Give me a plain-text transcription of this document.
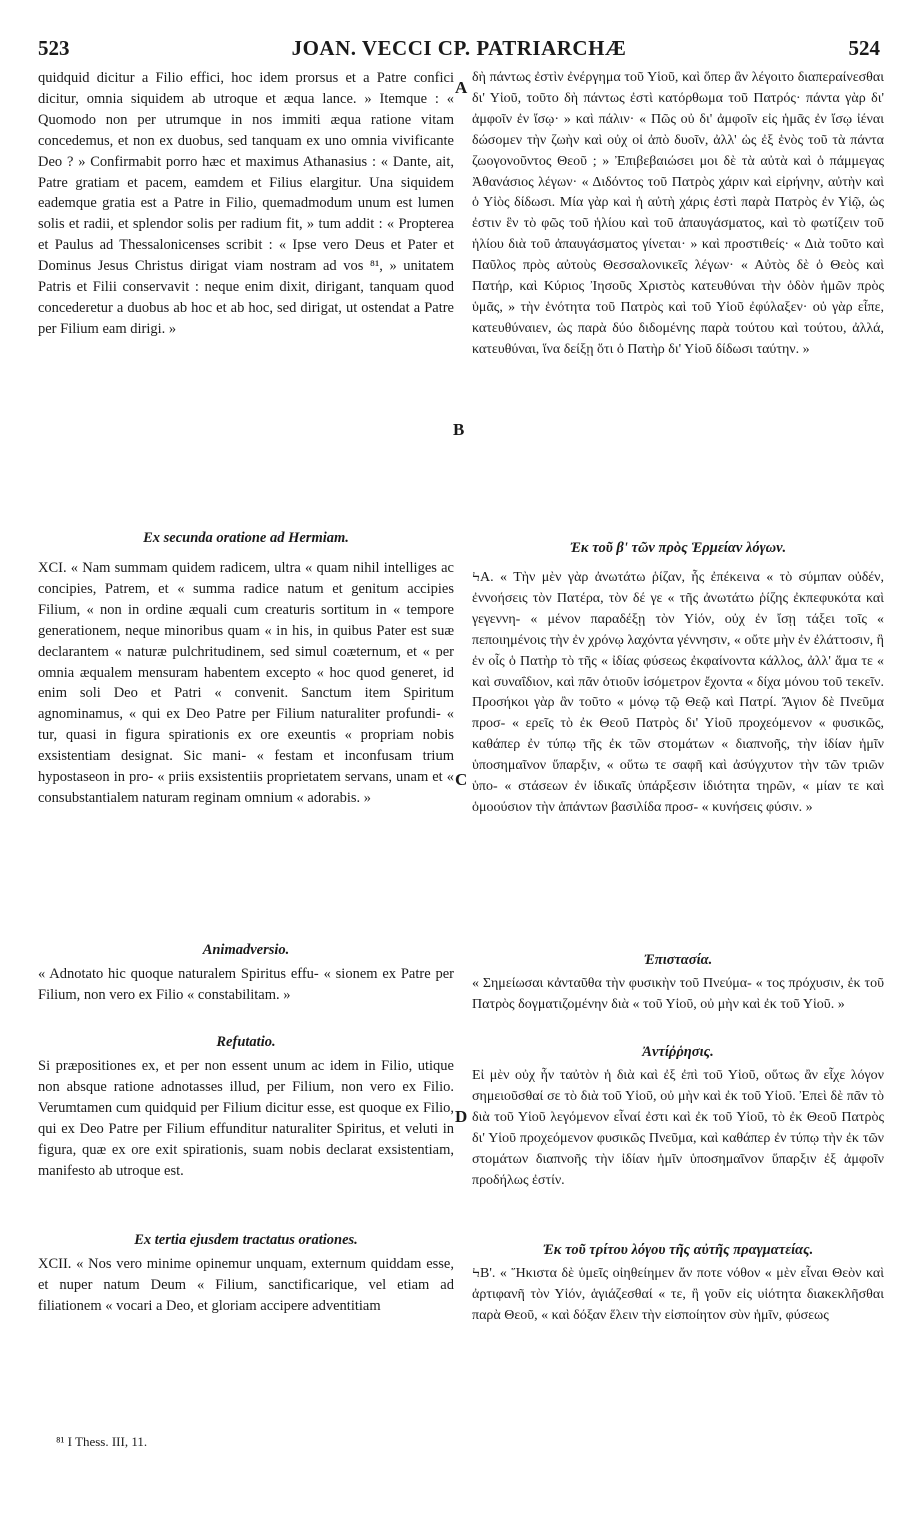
523	JOAN. VECCI CP. PATRIARCHÆ	524

quidquid dicitur a Filio effici, hoc idem prorsus et a Patre confici dicitur, omnia siquidem ab utroque et æqua lance. » Itemque : « Quomodo non per utrumque in nos immiti æqua ratione vitam concedemus, et non ex duobus, sed tanquam ex uno omnia vivificante Deo ? » Confirmabit porro hæc et maximus Athanasius : « Dante, ait, Patre gratiam et pacem, eamdem et Filius elargitur. Una siquidem eademque gratia est a Patre in Filio, quemadmodum unum est lumen solis et radii, et splendor solis per radium fit, » tum addit : « Propterea et Paulus ad Thessalonicenses scribit : « Ipse vero Deus et Pater et Dominus Jesus Christus dirigat viam nostram ad vos ⁸¹, » unitatem Patris et Filii conservavit : neque enim dixit, dirigant, tanquam quod concederetur a duobus ab hoc et ab hoc, sed dirigat, ut ostendat a Patre per Filium eam dirigi. »

Ex secunda oratione ad Hermiam.

XCI. « Nam summam quidem radicem, ultra « quam nihil intelliges ac concipies, Patrem, et « summa radice natum et genitum accipies Filium, « non in ordine æquali cum creaturis sortitum in « tempore generationem, neque minoribus quam « in his, in quibus Pater est suæ declarantem « naturæ pulchritudinem, sed simul coæternum, et « per omnia æqualem mensuram habentem excepto « hoc quod generet, id enim soli Deo et Patri « convenit. Sanctum item Spiritum agnominamus, « qui ex Deo Patre per Filium naturaliter profundi- « tur, quasi in figura spirationis ex ore exeuntis « propriam nobis exsistentiam designat. Sic mani- « festam et inconfusam trium hypostaseon in pro- « priis exsistentiis proprietatem servans, unam et « consubstantialem naturam reginam omnium « adorabis. »

Animadversio.

« Adnotato hic quoque naturalem Spiritus effu- « sionem ex Patre per Filium, non vero ex Filio « constabilitam. »

Refutatio.

Si præpositiones ex, et per non essent unum ac idem in Filio, utique non absque ratione adnotasses illud, per Filium, non vero ex Filio. Verumtamen cum quidquid per Filium dicitur esse, est quoque ex Filio, qui ex Deo Patre per Filium effunditur naturaliter Spiritus, et veluti in figura, quæ ex ore exit spirationis, suam nobis declarat exsistentiam, manifesto ab utroque est.

Ex tertia ejusdem tractatus orationes.

XCII. « Nos vero minime opinemur unquam, externum quiddam esse, et nuper natum Deum « Filium, sanctificarique, vel etiam ad filiationem « vocari a Deo, et gloriam accipere adventitiam

δὴ πάντως ἐστὶν ἐνέργημα τοῦ Υἱοῦ, καὶ ὅπερ ἂν λέγοιτο διαπεραίνεσθαι δι' Υἱοῦ, τοῦτο δὴ πάντως ἐστὶ κατόρθωμα τοῦ Πατρός· πάντα γὰρ δι' ἀμφοῖν ἐν ἴσῳ· » καὶ πάλιν· « Πῶς οὐ δι' ἀμφοῖν εἰς ἡμᾶς ἐν ἴσῳ ἰέναι δώσομεν τὴν ζωὴν καὶ οὐχ οἱ ἀπὸ δυοῖν, ἀλλ' ὡς ἐξ ἑνὸς τοῦ τὰ πάντα ζωογονοῦντος Θεοῦ ; » Ἐπιβεβαιώσει μοι δὲ τὰ αὐτὰ καὶ ὁ πάμμεγας Ἀθανάσιος λέγων· « Διδόντος τοῦ Πατρὸς χάριν καὶ εἰρήνην, αὐτὴν καὶ ὁ Υἱὸς δίδωσι. Μία γὰρ καὶ ἡ αὐτὴ χάρις ἐστὶ παρὰ Πατρὸς ἐν Υἱῷ, ὡς ἐστιν ἓν τὸ φῶς τοῦ ἡλίου καὶ τοῦ ἀπαυγάσματος, καὶ τὸ φωτίζειν τοῦ ἡλίου διὰ τοῦ ἀπαυγάσματος γίνεται· » καὶ προστιθείς· « Διὰ τοῦτο καὶ Παῦλος πρὸς αὐτοὺς Θεσσαλονικεῖς λέγων· « Αὐτὸς δὲ ὁ Θεὸς καὶ Πατήρ, καὶ Κύριος Ἰησοῦς Χριστὸς κατευθύναι τὴν ὁδὸν ἡμῶν πρὸς ὑμᾶς, » τὴν ἑνότητα τοῦ Πατρὸς καὶ τοῦ Υἱοῦ ἐφύλαξεν· οὐ γὰρ εἶπε, κατευθύναιεν, ὡς παρὰ δύο διδομένης παρὰ τούτου καὶ τούτου, ἀλλά, κατευθύναι, ἵνα δείξῃ ὅτι ὁ Πατὴρ δι' Υἱοῦ δίδωσι ταύτην. »

Ἐκ τοῦ β' τῶν πρὸς Ἑρμείαν λόγων.

ϞΑ. « Τὴν μὲν γὰρ ἀνωτάτω ῥίζαν, ἧς ἐπέκεινα « τὸ σύμπαν οὐδέν, ἐννοήσεις τὸν Πατέρα, τὸν δέ γε « τῆς ἀνωτάτω ῥίζης ἐκπεφυκότα καὶ γεγεννη- « μένον παραδέξῃ τὸν Υἱόν, οὐχ ἐν ἴσῃ τάξει τοῖς « πεποιημένοις τὴν ἐν χρόνῳ λαχόντα γέννησιν, « οὔτε μὴν ἐν ἐλάττοσιν, ἢ ἐν οἷς ὁ Πατὴρ τὸ τῆς « ἰδίας φύσεως ἐκφαίνοντα κάλλος, ἀλλ' ἅμα τε « καὶ συναΐδιον, καὶ πᾶν ὁτιοῦν ἰσόμετρον ἔχοντα « δίχα μόνου τοῦ τεκεῖν. Προσήκοι γὰρ ἂν τοῦτο « μόνῳ τῷ Θεῷ καὶ Πατρί. Ἅγιον δὲ Πνεῦμα προσ- « ερεῖς τὸ ἐκ Θεοῦ Πατρὸς δι' Υἱοῦ προχεόμενον « φυσικῶς, καθάπερ ἐν τύπῳ τῆς ἐκ τῶν στομάτων « διαπνοῆς, τὴν ἰδίαν ἡμῖν ὑποσημαῖνον ὕπαρξιν, « οὕτω τε σαφῆ καὶ ἀσύγχυτον τὴν τῶν τριῶν ὑπο- « στάσεων ἐν ἰδικαῖς ὑπάρξεσιν ἰδιότητα τηρῶν, « μίαν τε καὶ ὁμοούσιον τὴν ἁπάντων βασιλίδα προσ- « κυνήσεις φύσιν. »

Ἐπιστασία.

« Σημείωσαι κἀνταῦθα τὴν φυσικὴν τοῦ Πνεύμα- « τος πρόχυσιν, ἐκ τοῦ Πατρὸς δογματιζομένην διὰ « τοῦ Υἱοῦ, οὐ μὴν καὶ ἐκ τοῦ Υἱοῦ. »

Ἀντίῤῥησις.

Εἰ μὲν οὐχ ἦν ταὐτὸν ἡ διὰ καὶ ἐξ ἐπὶ τοῦ Υἱοῦ, οὕτως ἂν εἶχε λόγον σημειοῦσθαί σε τὸ διὰ τοῦ Υἱοῦ, οὐ μὴν καὶ ἐκ τοῦ Υἱοῦ. Ἐπεὶ δὲ πᾶν τὸ διὰ τοῦ Υἱοῦ λεγόμενον εἶναί ἐστι καὶ ἐκ τοῦ Υἱοῦ, τὸ ἐκ Θεοῦ Πατρὸς δι' Υἱοῦ προχεόμενον φυσικῶς Πνεῦμα, καὶ καθάπερ ἐν τύπῳ τὴν ἐκ τῶν στομάτων διαπνοῆς τὴν ἰδίαν ἡμῖν ὑποσημαῖνον ὕπαρξιν ἐξ ἀμφοῖν προδήλως ἐστίν.

Ἐκ τοῦ τρίτου λόγου τῆς αὐτῆς πραγματείας.

ϞΒ'. « Ἥκιστα δὲ ὑμεῖς οἰηθείημεν ἄν ποτε νόθον « μὲν εἶναι Θεὸν καὶ ἀρτιφανῆ τὸν Υἱόν, ἁγιάζεσθαί « τε, ἢ γοῦν εἰς υἱότητα διακεκλῆσθαι παρὰ Θεοῦ, « καὶ δόξαν ἕλειν τὴν εἰσποίητον σὺν ἡμῖν, φύσεως

A
B
C
D
⁸¹ I Thess. III, 11.
